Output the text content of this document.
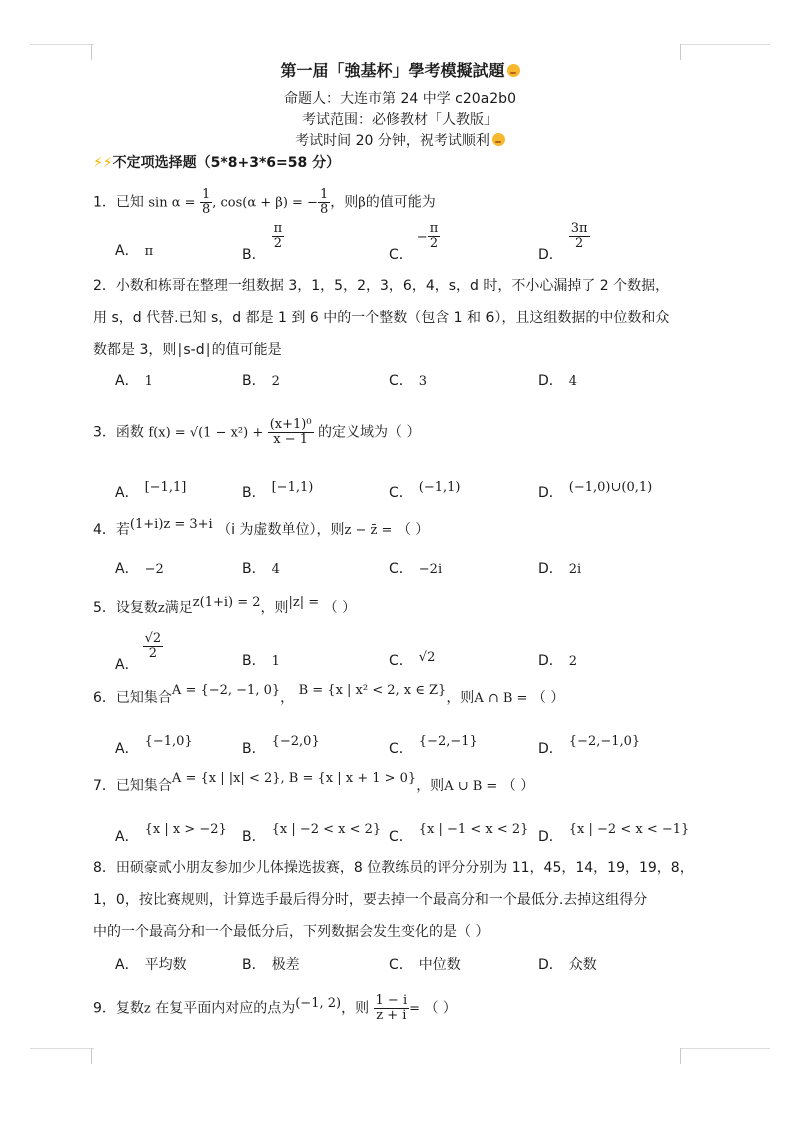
第一届「強基杯」學考模擬試題
命题人：大连市第 24 中学 c20a2b0
考试范围：必修教材「人教版」
考试时间 20 分钟，祝考试顺利
⚡⚡不定项选择题（5*8+3*6=58 分）
1．已知 $\sin \alpha = \frac{1}{8}$ , cos(α + β) = − $\frac{1}{8}$ ，则β的值可能为
A． π	B．
$\frac{\pi}{2}$
C．− $\frac{\pi}{2}$
D．
$\frac{3\pi}{2}$
2．小数和栋哥在整理一组数据 3，1，5，2，3，6，4，s，d 时，不小心漏掉了 2 个数据，
用 s，d 代替.已知 s，d 都是 1 到 6 中的一个整数（包含 1 和 6），且这组数据的中位数和众
数都是 3，则∣s-d∣的值可能是
A． 1	B． 2	C． 3	D． 4
3．函数 $f(x) = √(1 - x^2) + \frac{\text{(x+1)⁰}}{x - 1}$ 的定义域为（ ）
A． [−1,1]	B． [−1,1)	C． (−1,1)	D． (−1,0)∪(0,1)
4．若(1+i)z = 3+i （i 为虚数单位），则z − z̄ = （ ）
A． −2	B． 4	C． −2i	D． 2i
5．设复数z满足z(1+i) = 2，则|z| = （ ）
A．
$\frac{√2}{2}$	B． 1	C． √2	D． 2
6．已知集合A = {−2, −1, 0}， B = {x | x² < 2, x ∈ Z}，则A ∩ B = （ ）
A． {−1,0}	B． {−2,0}	C． {−2,−1}	D． {−2,−1,0}
7．已知集合A = {x | |x| < 2}, B = {x | x + 1 > 0}，则A ∪ B = （ ）
A． {x | x > −2} B． {x | −2 < x < 2} C． {x | −1 < x < 2} D． {x | −2 < x < −1}
8．田硕豪贰小朋友参加少儿体操选拔赛，8 位教练员的评分分别为 11，45，14，19，19，8，
1，0，按比赛规则，计算选手最后得分时，要去掉一个最高分和一个最低分.去掉这组得分
中的一个最高分和一个最低分后，下列数据会发生变化的是（ ）
A． 平均数	B． 极差	C． 中位数	D． 众数
9．复数z 在复平面内对应的点为(−1, 2)，则 $\frac{1 - i}{z + i}$ = （ ）
